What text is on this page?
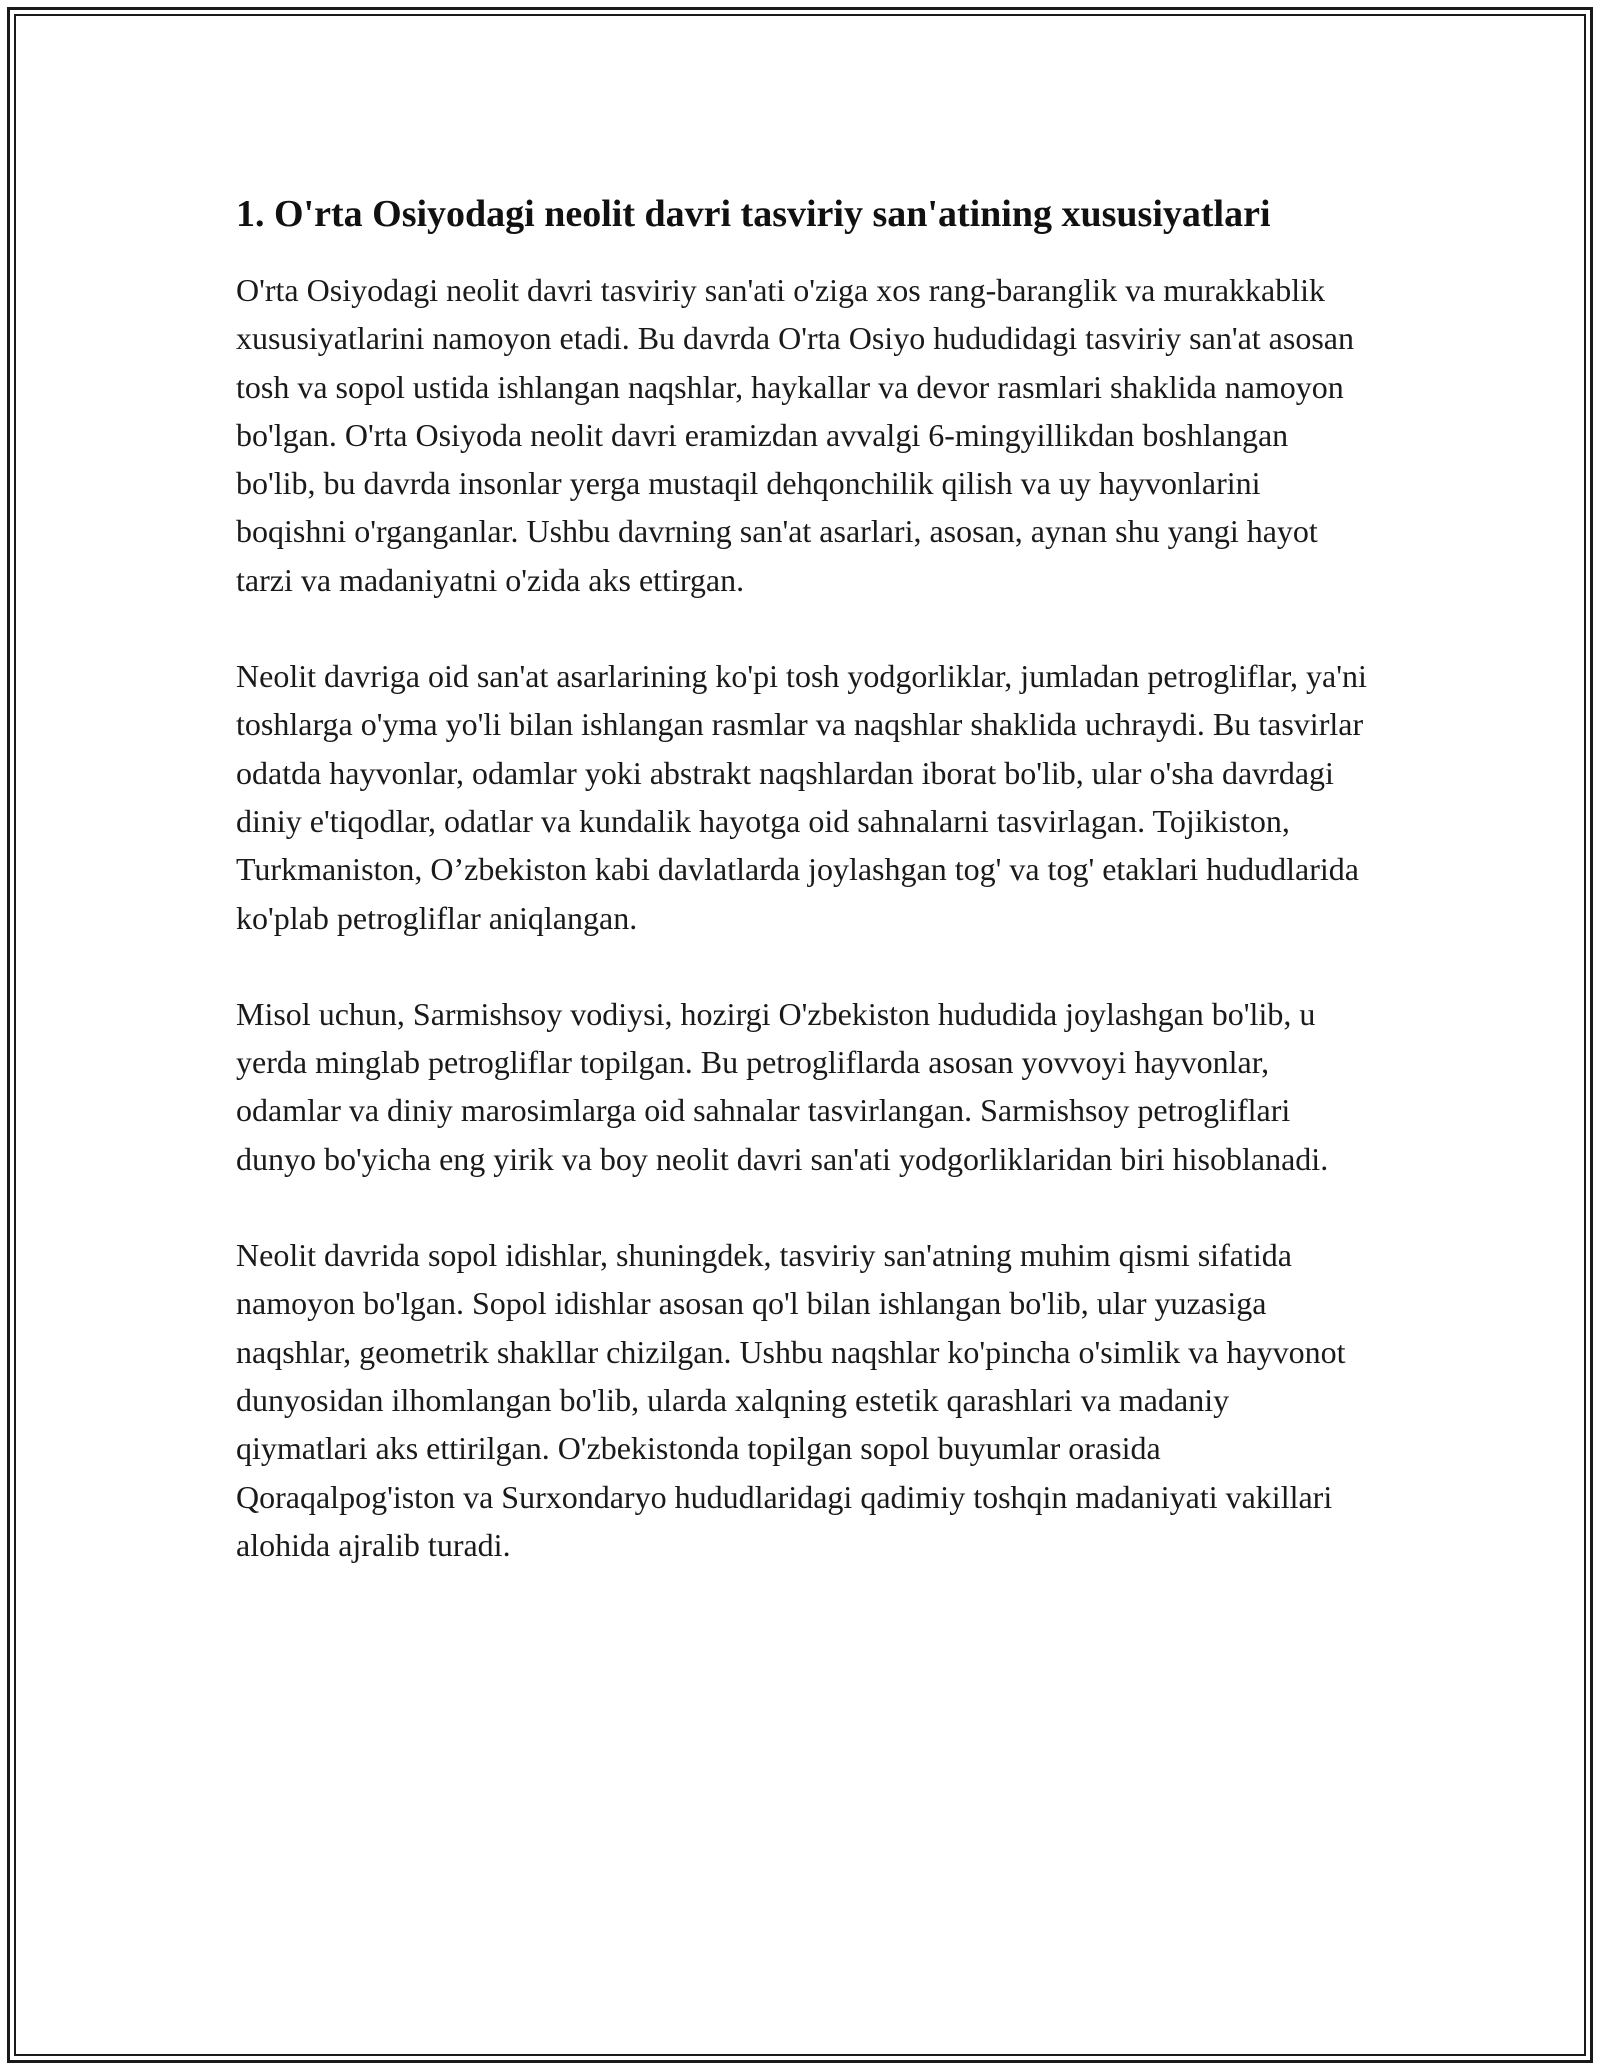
1. O'rta Osiyodagi neolit davri tasviriy san'atining xususiyatlari

O'rta Osiyodagi neolit davri tasviriy san'ati o'ziga xos rang-baranglik va murakkablik xususiyatlarini namoyon etadi. Bu davrda O'rta Osiyo hududidagi tasviriy san'at asosan tosh va sopol ustida ishlangan naqshlar, haykallar va devor rasmlari shaklida namoyon bo'lgan. O'rta Osiyoda neolit davri eramizdan avvalgi 6-mingyillikdan boshlangan bo'lib, bu davrda insonlar yerga mustaqil dehqonchilik qilish va uy hayvonlarini boqishni o'rganganlar. Ushbu davrning san'at asarlari, asosan, aynan shu yangi hayot tarzi va madaniyatni o'zida aks ettirgan.

Neolit davriga oid san'at asarlarining ko'pi tosh yodgorliklar, jumladan petrogliflar, ya'ni toshlarga o'yma yo'li bilan ishlangan rasmlar va naqshlar shaklida uchraydi. Bu tasvirlar odatda hayvonlar, odamlar yoki abstrakt naqshlardan iborat bo'lib, ular o'sha davrdagi diniy e'tiqodlar, odatlar va kundalik hayotga oid sahnalarni tasvirlagan. Tojikiston, Turkmaniston, O’zbekiston kabi davlatlarda joylashgan tog' va tog' etaklari hududlarida ko'plab petrogliflar aniqlangan.

Misol uchun, Sarmishsoy vodiysi, hozirgi O'zbekiston hududida joylashgan bo'lib, u yerda minglab petrogliflar topilgan. Bu petrogliflarda asosan yovvoyi hayvonlar, odamlar va diniy marosimlarga oid sahnalar tasvirlangan. Sarmishsoy petrogliflari dunyo bo'yicha eng yirik va boy neolit davri san'ati yodgorliklaridan biri hisoblanadi.

Neolit davrida sopol idishlar, shuningdek, tasviriy san'atning muhim qismi sifatida namoyon bo'lgan. Sopol idishlar asosan qo'l bilan ishlangan bo'lib, ular yuzasiga naqshlar, geometrik shakllar chizilgan. Ushbu naqshlar ko'pincha o'simlik va hayvonot dunyosidan ilhomlangan bo'lib, ularda xalqning estetik qarashlari va madaniy qiymatlari aks ettirilgan. O'zbekistonda topilgan sopol buyumlar orasida Qoraqalpog'iston va Surxondaryo hududlaridagi qadimiy toshqin madaniyati vakillari alohida ajralib turadi.
